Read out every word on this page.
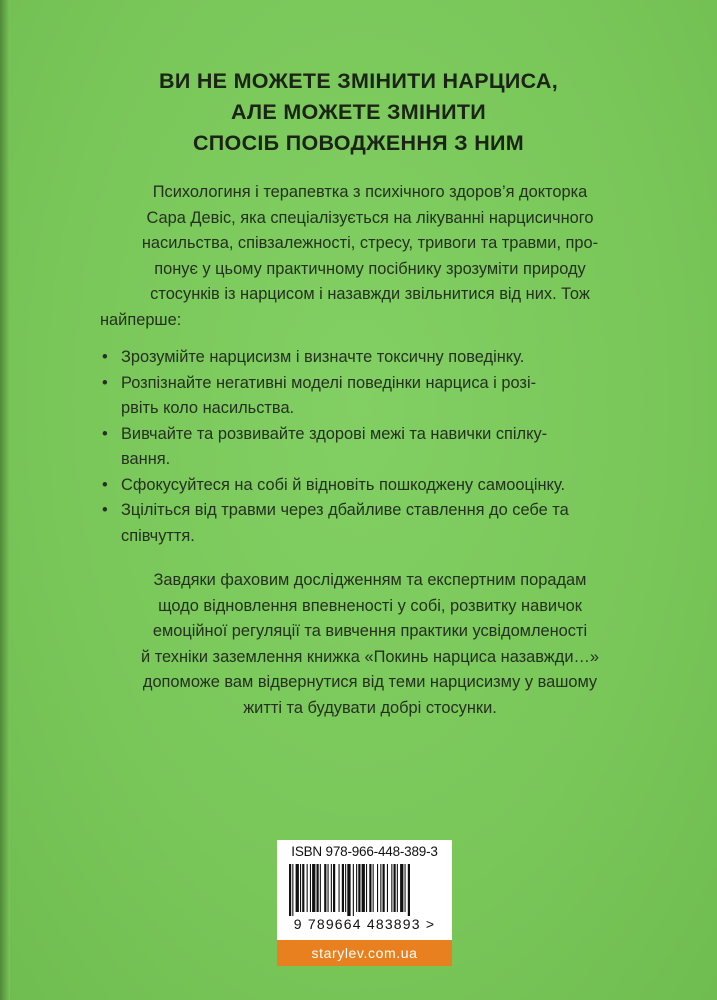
ВИ НЕ МОЖЕТЕ ЗМІНИТИ НАРЦИСА,
АЛЕ МОЖЕТЕ ЗМІНИТИ
СПОСІБ ПОВОДЖЕННЯ З НИМ
Психологиня і терапевтка з психічного здоров’я докторка
Сара Девіс, яка спеціалізується на лікуванні нарцисичного
насильства, співзалежності, стресу, тривоги та травми, про-
понує у цьому практичному посібнику зрозуміти природу
стосунків із нарцисом і назавжди звільнитися від них. Тож
найперше:
• Зрозумійте нарцисизм і визначте токсичну поведінку.
• Розпізнайте негативні моделі поведінки нарциса і розі-
рвіть коло насильства.
• Вивчайте та розвивайте здорові межі та навички спілку-
вання.
• Сфокусуйтеся на собі й відновіть пошкоджену самооцінку.
• Зцілiться від травми через дбайливе ставлення до себе та
співчуття.
Завдяки фаховим дослідженням та експертним порадам
щодо відновлення впевненості у собі, розвитку навичок
емоційної регуляції та вивчення практики усвідомленості
й техніки заземлення книжка «Покинь нарциса назавжди…»
допоможе вам відвернутися від теми нарцисизму у вашому
житті та будувати добрі стосунки.
ISBN 978-966-448-389-3
9 789664 483893 >
starylev.com.ua
